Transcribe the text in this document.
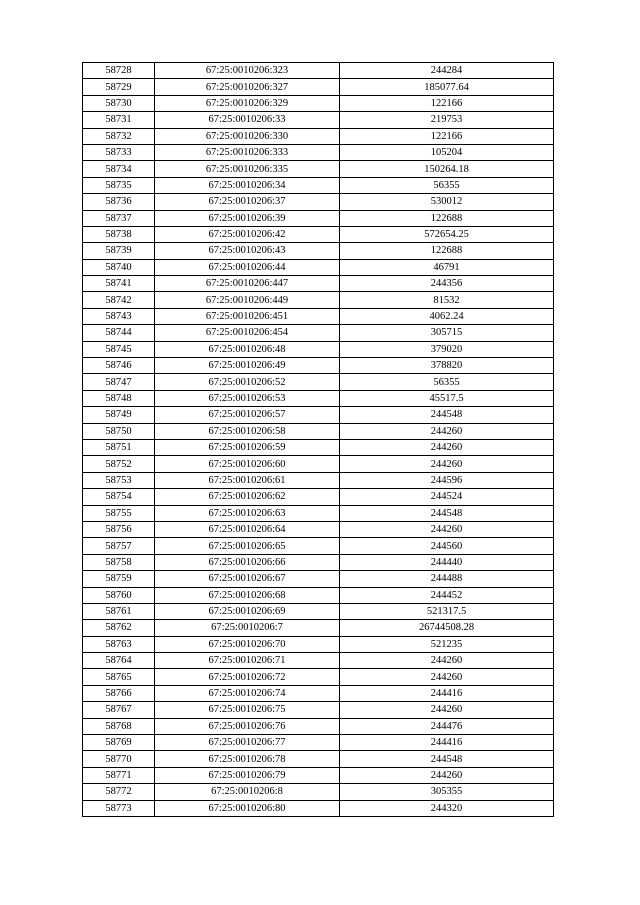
58728	67:25:0010206:323	244284
58729	67:25:0010206:327	185077.64
58730	67:25:0010206:329	122166
58731	67:25:0010206:33	219753
58732	67:25:0010206:330	122166
58733	67:25:0010206:333	105204
58734	67:25:0010206:335	150264.18
58735	67:25:0010206:34	56355
58736	67:25:0010206:37	530012
58737	67:25:0010206:39	122688
58738	67:25:0010206:42	572654.25
58739	67:25:0010206:43	122688
58740	67:25:0010206:44	46791
58741	67:25:0010206:447	244356
58742	67:25:0010206:449	81532
58743	67:25:0010206:451	4062.24
58744	67:25:0010206:454	305715
58745	67:25:0010206:48	379020
58746	67:25:0010206:49	378820
58747	67:25:0010206:52	56355
58748	67:25:0010206:53	45517.5
58749	67:25:0010206:57	244548
58750	67:25:0010206:58	244260
58751	67:25:0010206:59	244260
58752	67:25:0010206:60	244260
58753	67:25:0010206:61	244596
58754	67:25:0010206:62	244524
58755	67:25:0010206:63	244548
58756	67:25:0010206:64	244260
58757	67:25:0010206:65	244560
58758	67:25:0010206:66	244440
58759	67:25:0010206:67	244488
58760	67:25:0010206:68	244452
58761	67:25:0010206:69	521317.5
58762	67:25:0010206:7	26744508.28
58763	67:25:0010206:70	521235
58764	67:25:0010206:71	244260
58765	67:25:0010206:72	244260
58766	67:25:0010206:74	244416
58767	67:25:0010206:75	244260
58768	67:25:0010206:76	244476
58769	67:25:0010206:77	244416
58770	67:25:0010206:78	244548
58771	67:25:0010206:79	244260
58772	67:25:0010206:8	305355
58773	67:25:0010206:80	244320
